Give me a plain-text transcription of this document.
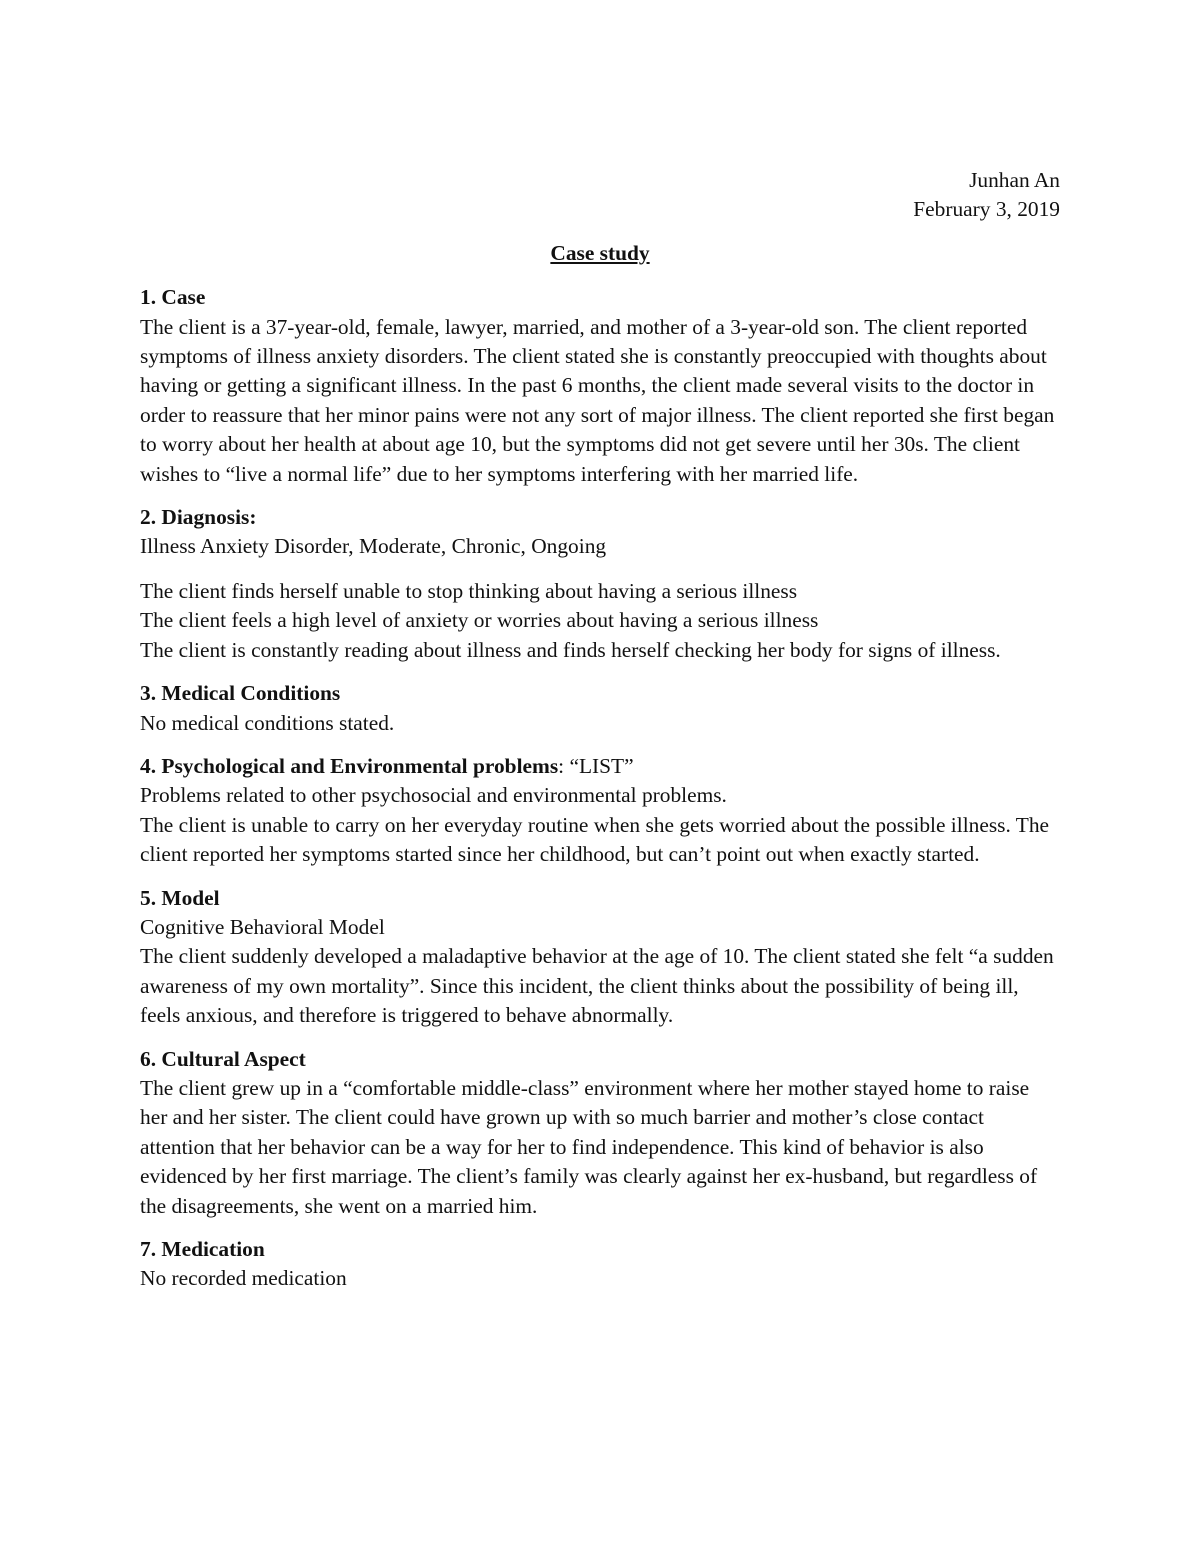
Junhan An

February 3, 2019

Case study

1. Case

The client is a 37-year-old, female, lawyer, married, and mother of a 3-year-old son. The client reported symptoms of illness anxiety disorders. The client stated she is constantly preoccupied with thoughts about having or getting a significant illness. In the past 6 months, the client made several visits to the doctor in order to reassure that her minor pains were not any sort of major illness. The client reported she first began to worry about her health at about age 10, but the symptoms did not get severe until her 30s. The client wishes to “live a normal life” due to her symptoms interfering with her married life.

2. Diagnosis:

Illness Anxiety Disorder, Moderate, Chronic, Ongoing

The client finds herself unable to stop thinking about having a serious illness

The client feels a high level of anxiety or worries about having a serious illness

The client is constantly reading about illness and finds herself checking her body for signs of illness.

3. Medical Conditions

No medical conditions stated.

4. Psychological and Environmental problems: “LIST”

Problems related to other psychosocial and environmental problems.

The client is unable to carry on her everyday routine when she gets worried about the possible illness. The client reported her symptoms started since her childhood, but can’t point out when exactly started.

5. Model

Cognitive Behavioral Model

The client suddenly developed a maladaptive behavior at the age of 10. The client stated she felt “a sudden awareness of my own mortality”. Since this incident, the client thinks about the possibility of being ill, feels anxious, and therefore is triggered to behave abnormally.

6. Cultural Aspect

The client grew up in a “comfortable middle-class” environment where her mother stayed home to raise her and her sister. The client could have grown up with so much barrier and mother’s close contact attention that her behavior can be a way for her to find independence. This kind of behavior is also evidenced by her first marriage. The client’s family was clearly against her ex-husband, but regardless of the disagreements, she went on a married him.

7. Medication

No recorded medication
